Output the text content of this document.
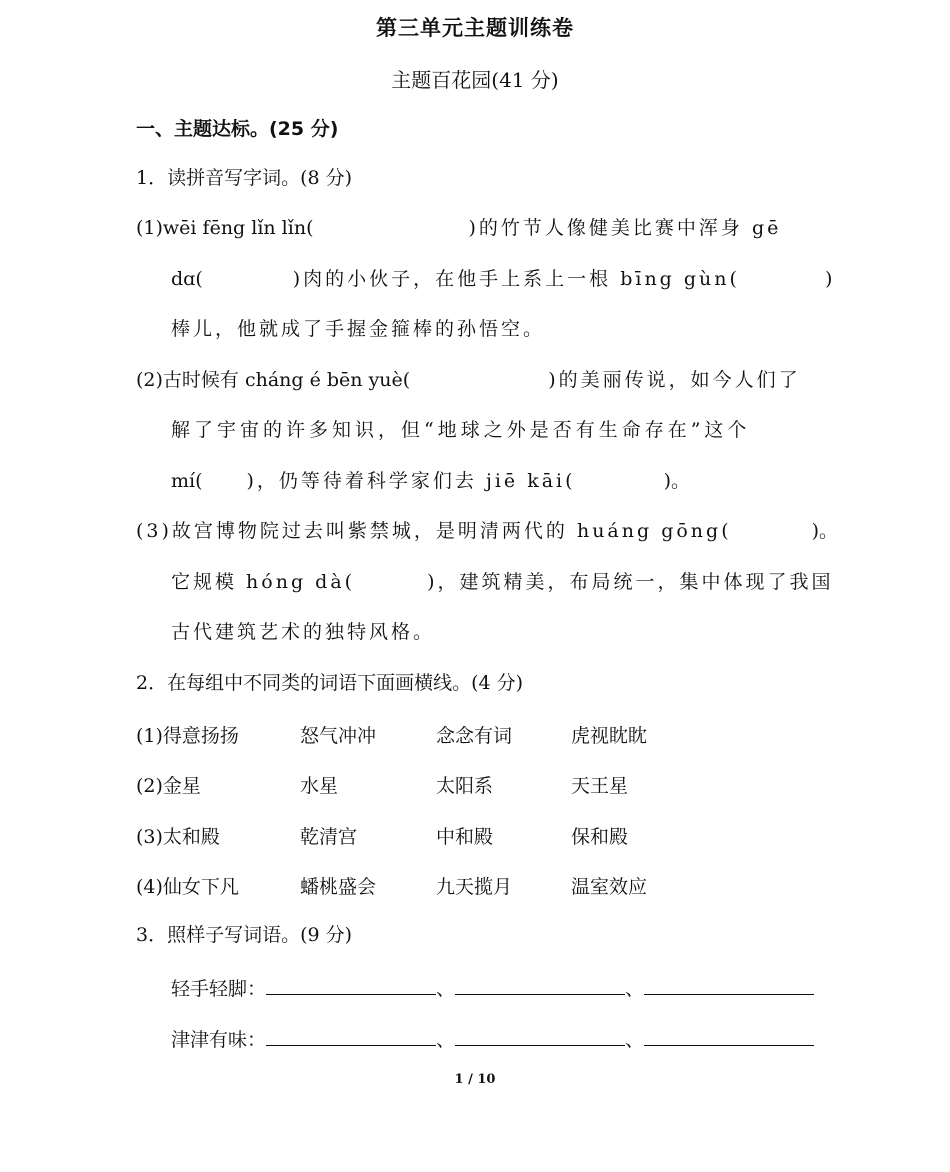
第三单元主题训练卷
主题百花园(41 分)
一、主题达标。(25 分)
1．读拼音写字词。(8 分)
(1)wēi fēng lǐn lǐn(	)的竹节人像健美比赛中浑身 gē
dɑ(	)肉的小伙子，在他手上系上一根 bīng gùn(	)
棒儿，他就成了手握金箍棒的孙悟空。
(2)古时候有 cháng é bēn yuè(	)的美丽传说，如今人们了
解了宇宙的许多知识，但“地球之外是否有生命存在”这个
mí( )，仍等待着科学家们去 jiē kāi(	)。
(3)故宫博物院过去叫紫禁城，是明清两代的 huáng gōng(	)。
它规模 hóng dà(	)，建筑精美，布局统一，集中体现了我国
古代建筑艺术的独特风格。
2．在每组中不同类的词语下面画横线。(4 分)
(1)得意扬扬	怒气冲冲	念念有词	虎视眈眈
(2)金星	水星	太阳系	天王星
(3)太和殿	乾清宫	中和殿	保和殿
(4)仙女下凡	蟠桃盛会	九天揽月	温室效应
3．照样子写词语。(9 分)
轻手轻脚：	、	、
津津有味：	、	、
1 / 10
